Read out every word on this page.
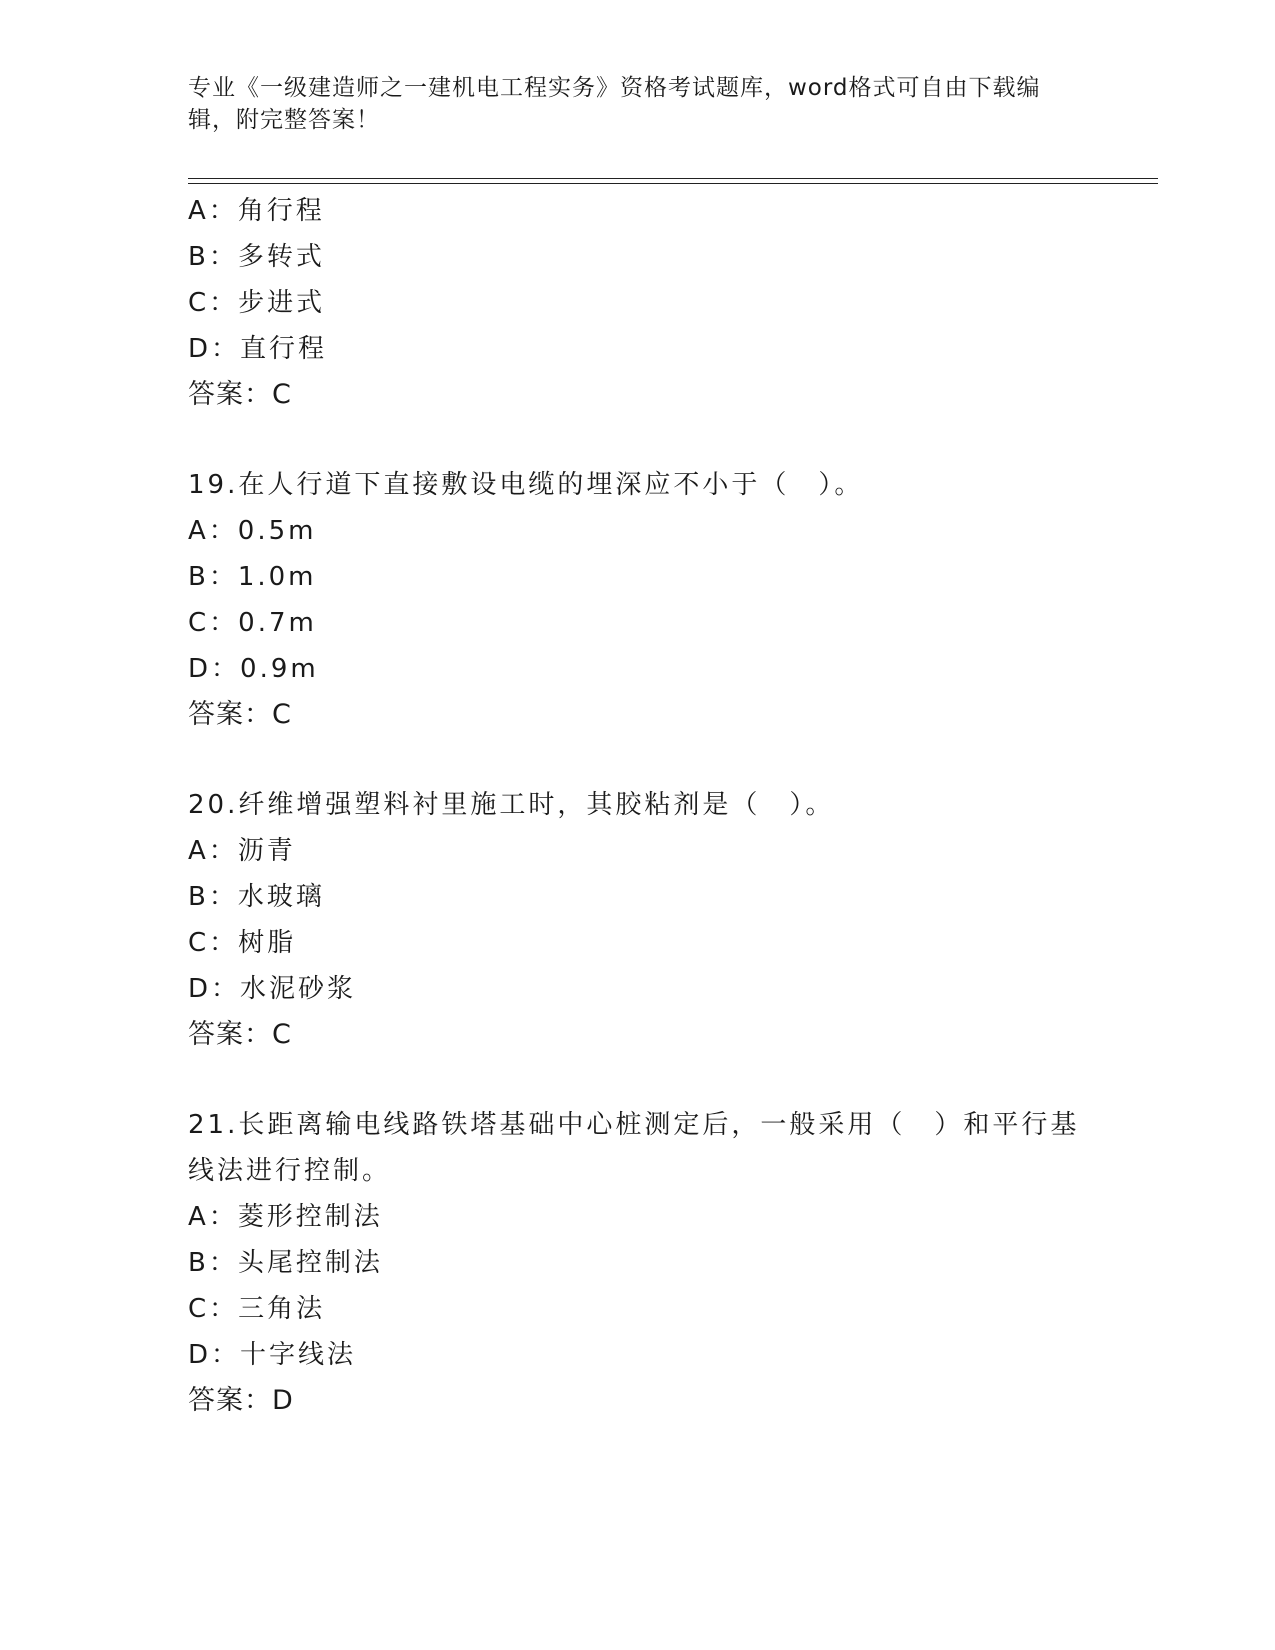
专业《一级建造师之一建机电工程实务》资格考试题库，word格式可自由下载编
辑，附完整答案！
A：角行程
B：多转式
C：步进式
D：直行程
答案：C
19.在人行道下直接敷设电缆的埋深应不小于（　）。
A：0.5m
B：1.0m
C：0.7m
D：0.9m
答案：C
20.纤维增强塑料衬里施工时，其胶粘剂是（　）。
A：沥青
B：水玻璃
C：树脂
D：水泥砂浆
答案：C
21.长距离输电线路铁塔基础中心桩测定后，一般采用（　）和平行基
线法进行控制。
A：菱形控制法
B：头尾控制法
C：三角法
D：十字线法
答案：D
